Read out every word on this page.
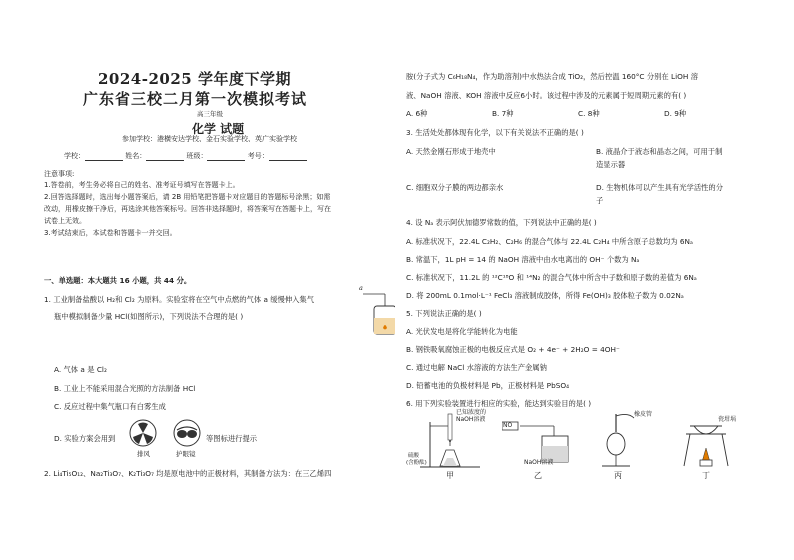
2024-2025 学年度下学期
广东省三校二月第一次模拟考试
高三年级
化学 试题
参加学校：港横安达学校、金石实验学校、英广实验学校
学校：	姓名：	班级：	考号：
注意事项:
1.答卷前，考生务必将自己的姓名、准考证号填写在答题卡上。
2.回答选择题时，选出每小题答案后，请 2B 用铅笔把答题卡对应题目的答题标号涂黑；如需
改动，用橡皮擦干净后，再选涂其他答案标号。回答非选择题时，将答案写在答题卡上，写在
试卷上无效。
3.考试结束后，本试卷和答题卡一并交回。
一、单选题：本大题共 16 小题，共 44 分。
1. 工业制备盐酸以 H₂和 Cl₂ 为原料。实验室将在空气中点燃的气体 a 缓慢伸入集气
瓶中模拟制备少量 HCl(如图所示)，下列说法不合理的是( )
a
A. 气体 a 是 Cl₂
B. 工业上不能采用混合光照的方法制备 HCl
C. 反应过程中集气瓶口有白雾生成
D. 实验方案会用到
排风	护眼镜
等图标进行提示
2. Li₄Ti₅O₁₂、Na₂Ti₃O₇、K₂Ti₃O₇ 均是原电池中的正极材料，其制备方法为：在三乙烯四
胺(分子式为 C₆H₁₈N₄，作为助溶剂)中水热法合成 TiO₂，然后控温 160°C 分别在 LiOH 溶
液、NaOH 溶液、KOH 溶液中反应6小时。该过程中涉及的元素属于短周期元素的有( )
A. 6种	B. 7种	C. 8种	D. 9种
3. 生活处处都体现有化学，以下有关说法不正确的是( )
A. 天然金刚石形成于地壳中	B. 液晶介于液态和晶态之间，可用于制
造显示器
C. 细胞双分子膜的两边都亲水	D. 生物机体可以产生具有光学活性的分
子
4. 设 Nₐ 表示阿伏加德罗常数的值，下列说法中正确的是( )
A. 标准状况下，22.4L C₂H₂、C₂H₆ 的混合气体与 22.4L C₂H₄ 中所含原子总数均为 6Nₐ
B. 常温下，1L pH = 14 的 NaOH 溶液中由水电离出的 OH⁻ 个数为 Nₐ
C. 标准状况下，11.2L 的 ¹²C¹⁸O 和 ¹⁴N₂ 的混合气体中所含中子数和原子数的差值为 6Nₐ
D. 将 200mL 0.1mol·L⁻¹ FeCl₃ 溶液制成胶体，所得 Fe(OH)₃ 胶体粒子数为 0.02Nₐ
5. 下列说法正确的是( )
A. 光伏发电是将化学能转化为电能
B. 钢铁吸氧腐蚀正极的电极反应式是 O₂ + 4e⁻ + 2H₂O = 4OH⁻
C. 通过电解 NaCl 水溶液的方法生产金属钠
D. 铅蓄电池的负极材料是 Pb，正极材料是 PbSO₄
6. 用下列实验装置进行相应的实验，能达到实验目的是( )
已知浓度的
NaOH溶液
硫酸
(含酚酞)
甲
NO
NaOH溶液
乙
橡皮管
丙
瓷坩埚
丁
